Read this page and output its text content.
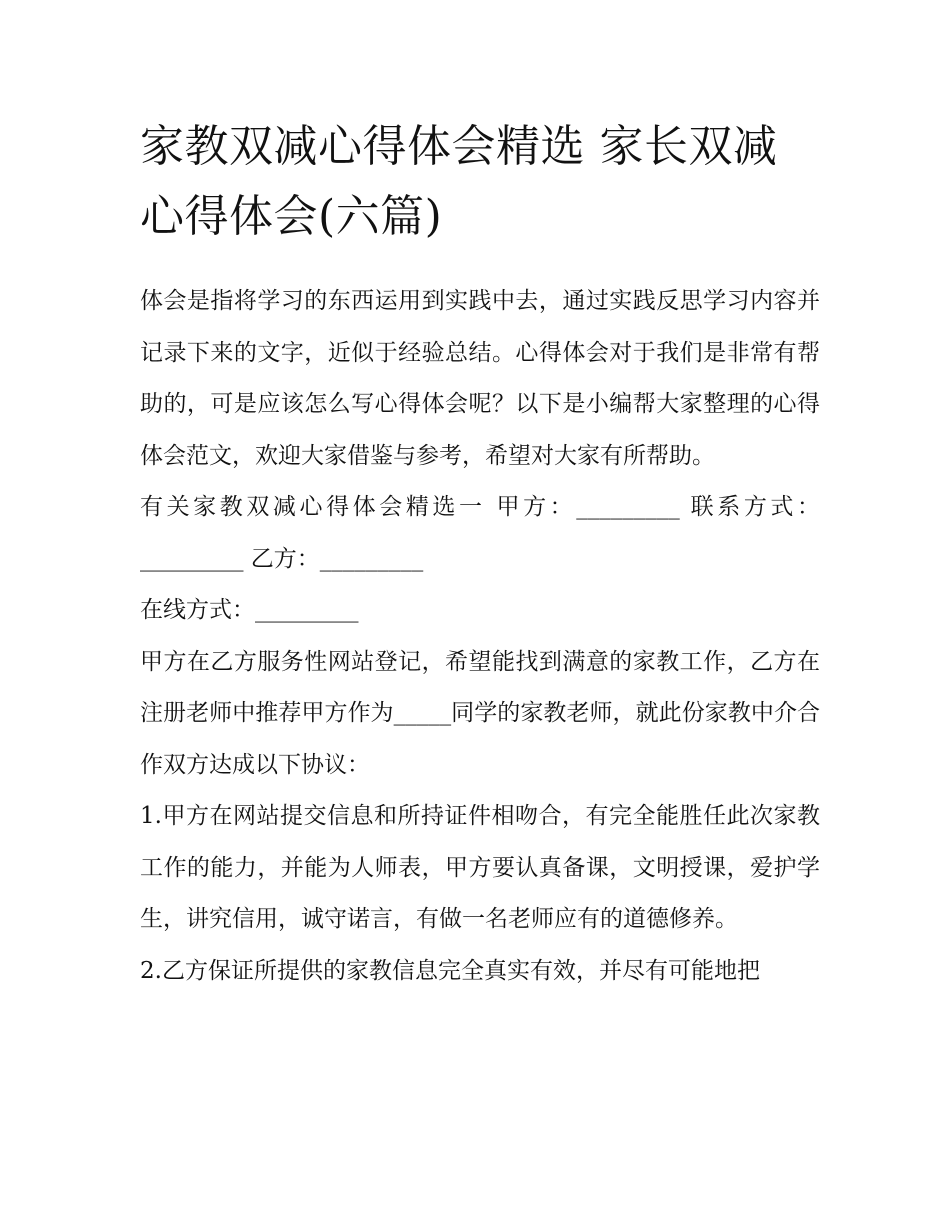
家教双减心得体会精选 家长双减心得体会(六篇)

体会是指将学习的东西运用到实践中去，通过实践反思学习内容并记录下来的文字，近似于经验总结。心得体会对于我们是非常有帮助的，可是应该怎么写心得体会呢？以下是小编帮大家整理的心得体会范文，欢迎大家借鉴与参考，希望对大家有所帮助。

有关家教双减心得体会精选一 甲方：_________ 联系方式：_________ 乙方：_________

在线方式：_________

甲方在乙方服务性网站登记，希望能找到满意的家教工作，乙方在注册老师中推荐甲方作为_____同学的家教老师，就此份家教中介合作双方达成以下协议：

1.甲方在网站提交信息和所持证件相吻合，有完全能胜任此次家教工作的能力，并能为人师表，甲方要认真备课，文明授课，爱护学生，讲究信用，诚守诺言，有做一名老师应有的道德修养。

2.乙方保证所提供的家教信息完全真实有效，并尽有可能地把
